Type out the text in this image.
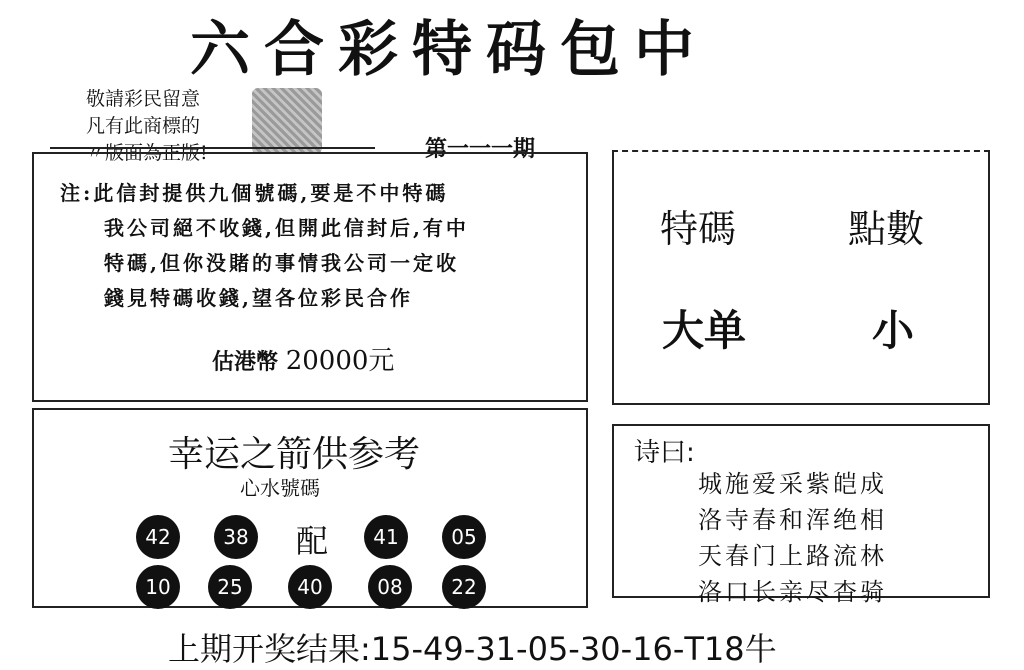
六合彩特码包中
敬請彩民留意
凡有此商標的
〃版面為正版!	第一一一期

注:此信封提供九個號碼,要是不中特碼

我公司絕不收錢,但開此信封后,有中

特碼,但你没賭的事情我公司一定收

錢見特碼收錢,望各位彩民合作

估港幣 20000元
幸运之箭供参考
心水號碼
42	38 配	41	05
10	25	40	08	22
特碼	點數
大单	小
诗曰:

城施爱采紫皑成

洛寺春和浑绝相

天春门上路流林

洛口长亲尽杳骑

上期开奖结果:15-49-31-05-30-16-T18牛
